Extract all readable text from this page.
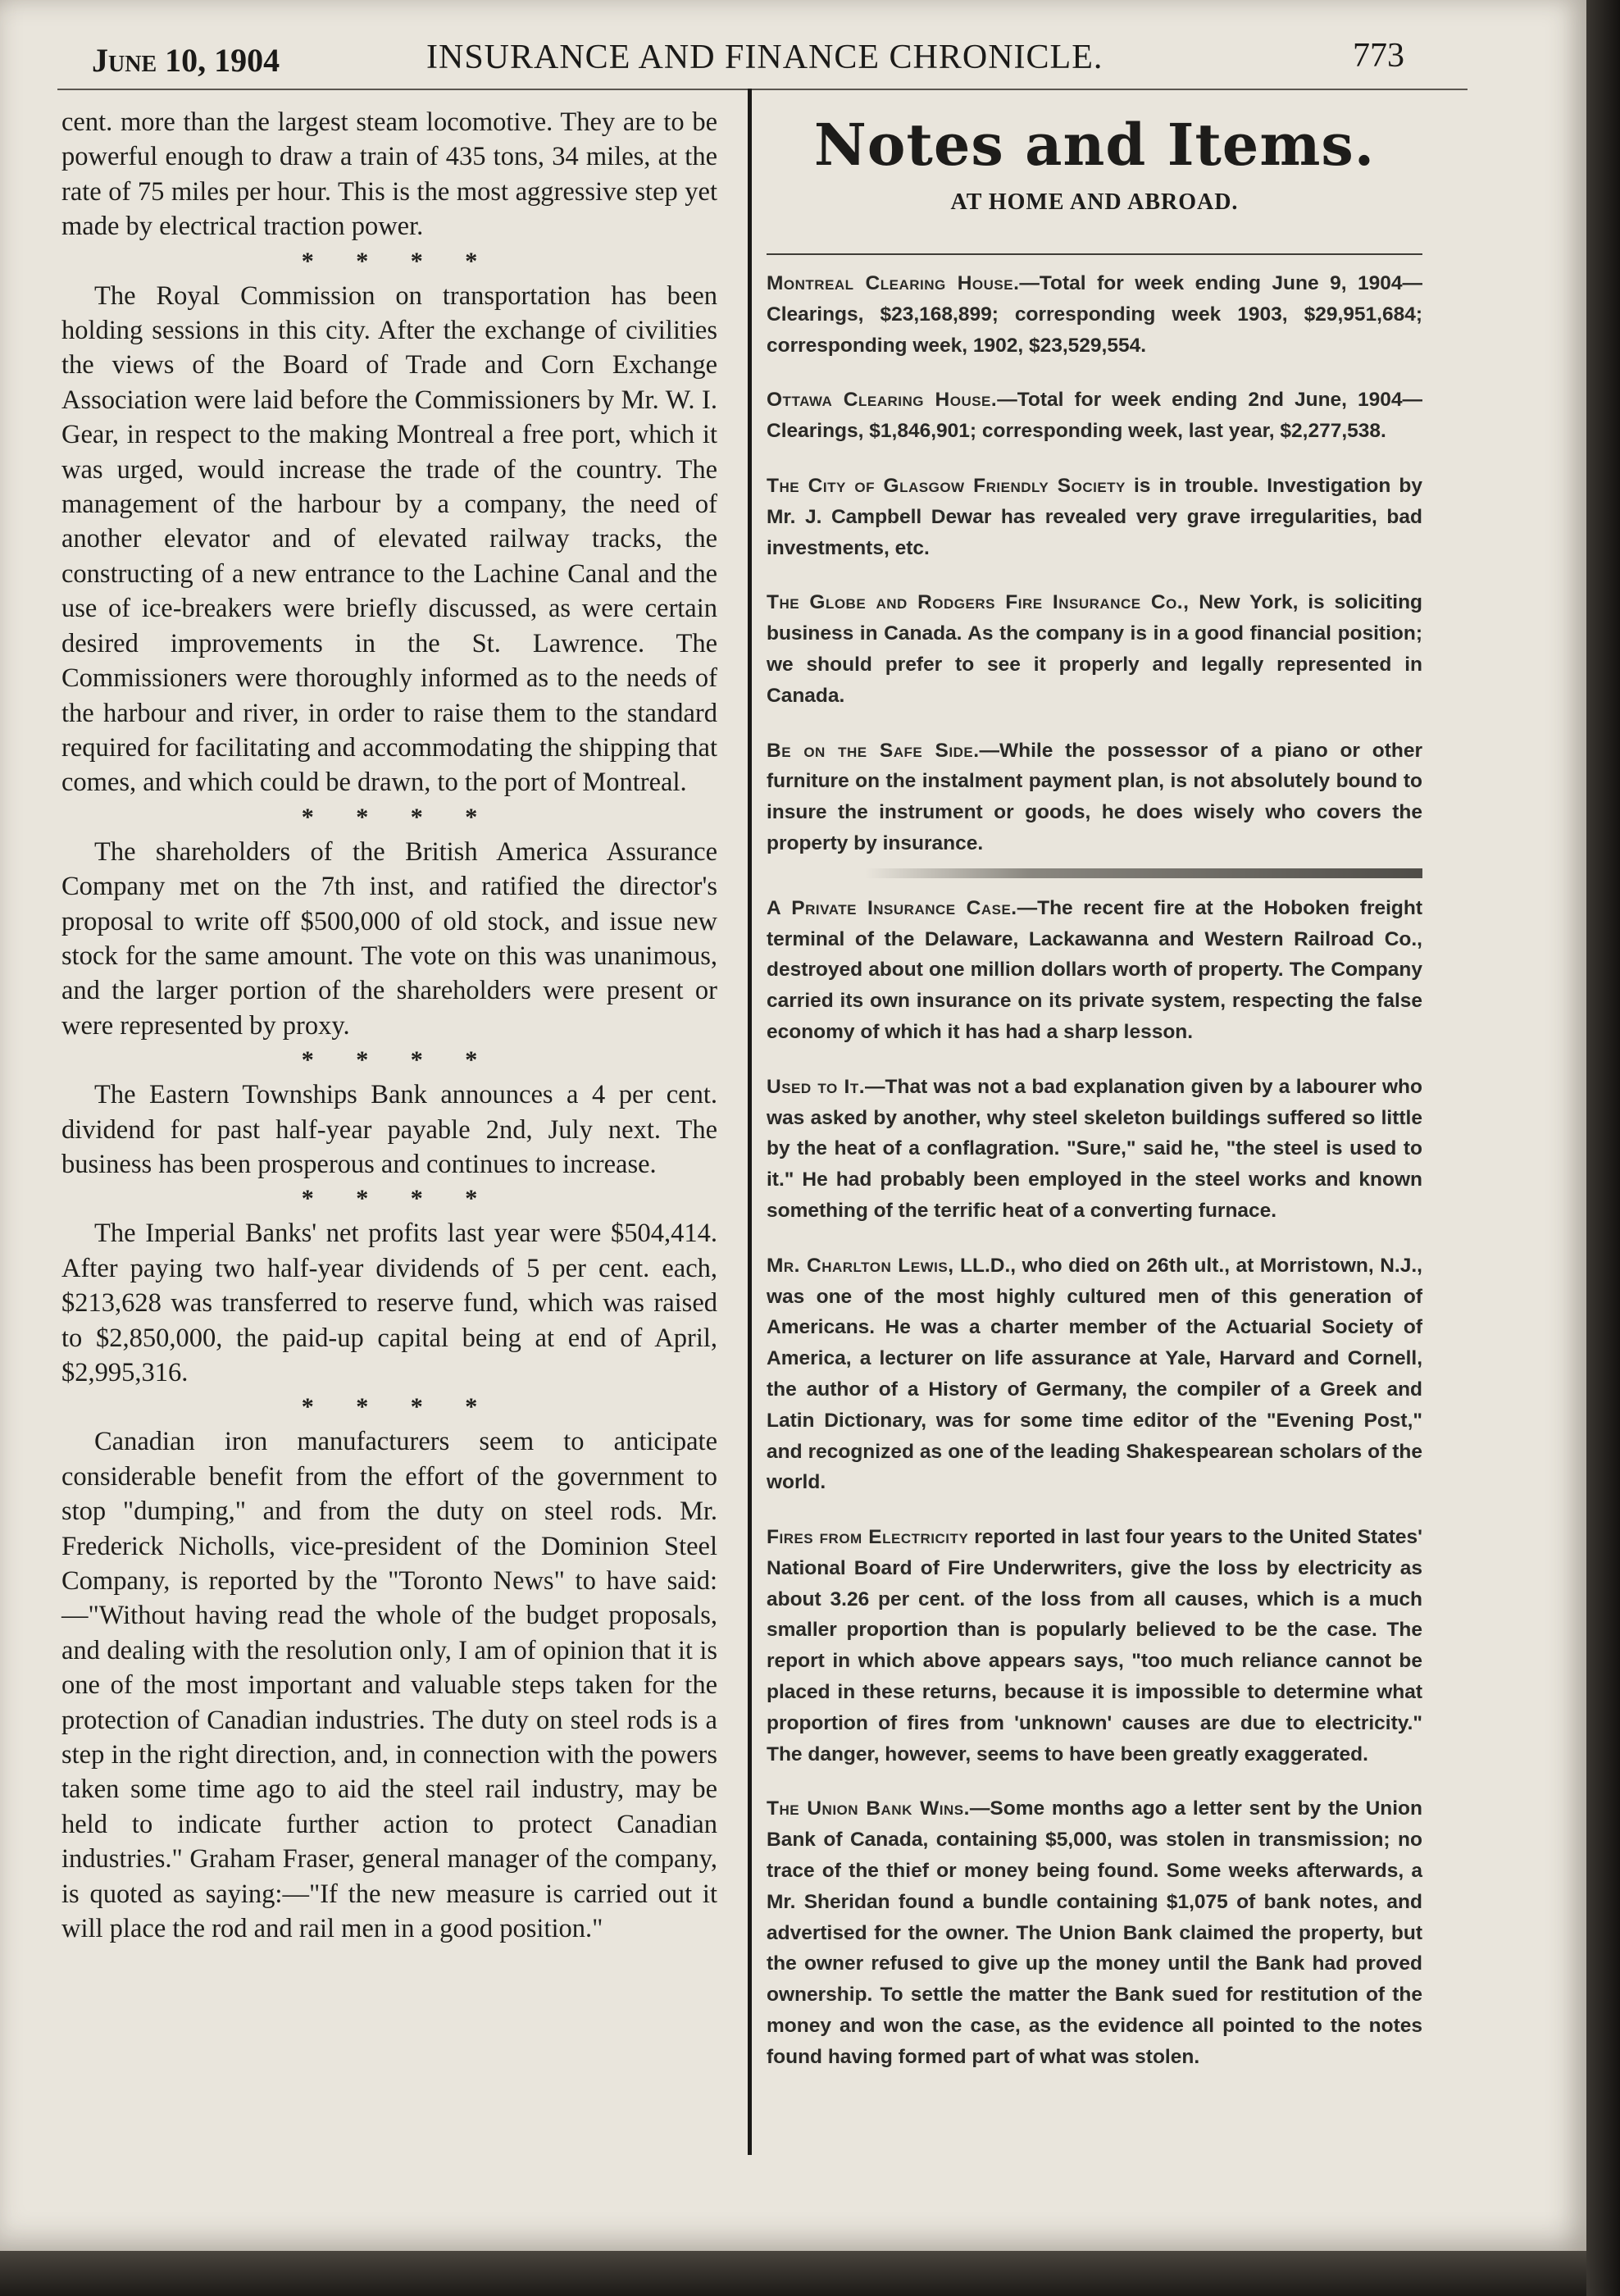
June 10, 1904	INSURANCE AND FINANCE CHRONICLE.	773

cent. more than the largest steam locomotive. They are to be powerful enough to draw a train of 435 tons, 34 miles, at the rate of 75 miles per hour. This is the most aggressive step yet made by electrical traction power.

* * * *

The Royal Commission on transportation has been holding sessions in this city. After the exchange of civilities the views of the Board of Trade and Corn Exchange Association were laid before the Commissioners by Mr. W. I. Gear, in respect to the making Montreal a free port, which it was urged, would increase the trade of the country. The management of the harbour by a company, the need of another elevator and of elevated railway tracks, the constructing of a new entrance to the Lachine Canal and the use of ice-breakers were briefly discussed, as were certain desired improvements in the St. Lawrence. The Commissioners were thoroughly informed as to the needs of the harbour and river, in order to raise them to the standard required for facilitating and accommodating the shipping that comes, and which could be drawn, to the port of Montreal.

* * * *

The shareholders of the British America Assurance Company met on the 7th inst, and ratified the director's proposal to write off $500,000 of old stock, and issue new stock for the same amount. The vote on this was unanimous, and the larger portion of the shareholders were present or were represented by proxy.

* * * *

The Eastern Townships Bank announces a 4 per cent. dividend for past half-year payable 2nd, July next. The business has been prosperous and continues to increase.

* * * *

The Imperial Banks' net profits last year were $504,414. After paying two half-year dividends of 5 per cent. each, $213,628 was transferred to reserve fund, which was raised to $2,850,000, the paid-up capital being at end of April, $2,995,316.

* * * *

Canadian iron manufacturers seem to anticipate considerable benefit from the effort of the government to stop "dumping," and from the duty on steel rods. Mr. Frederick Nicholls, vice-president of the Dominion Steel Company, is reported by the "Toronto News" to have said:—"Without having read the whole of the budget proposals, and dealing with the resolution only, I am of opinion that it is one of the most important and valuable steps taken for the protection of Canadian industries. The duty on steel rods is a step in the right direction, and, in connection with the powers taken some time ago to aid the steel rail industry, may be held to indicate further action to protect Canadian industries." Graham Fraser, general manager of the company, is quoted as saying:—"If the new measure is carried out it will place the rod and rail men in a good position."

Notes and Items.
AT HOME AND ABROAD.

Montreal Clearing House.—Total for week ending June 9, 1904—Clearings, $23,168,899; corresponding week 1903, $29,951,684; corresponding week, 1902, $23,529,554.

Ottawa Clearing House.—Total for week ending 2nd June, 1904—Clearings, $1,846,901; corresponding week, last year, $2,277,538.

The City of Glasgow Friendly Society is in trouble. Investigation by Mr. J. Campbell Dewar has revealed very grave irregularities, bad investments, etc.

The Globe and Rodgers Fire Insurance Co., New York, is soliciting business in Canada. As the company is in a good financial position; we should prefer to see it properly and legally represented in Canada.

Be on the Safe Side.—While the possessor of a piano or other furniture on the instalment payment plan, is not absolutely bound to insure the instrument or goods, he does wisely who covers the property by insurance.

A Private Insurance Case.—The recent fire at the Hoboken freight terminal of the Delaware, Lackawanna and Western Railroad Co., destroyed about one million dollars worth of property. The Company carried its own insurance on its private system, respecting the false economy of which it has had a sharp lesson.

Used to It.—That was not a bad explanation given by a labourer who was asked by another, why steel skeleton buildings suffered so little by the heat of a conflagration. "Sure," said he, "the steel is used to it." He had probably been employed in the steel works and known something of the terrific heat of a converting furnace.

Mr. Charlton Lewis, LL.D., who died on 26th ult., at Morristown, N.J., was one of the most highly cultured men of this generation of Americans. He was a charter member of the Actuarial Society of America, a lecturer on life assurance at Yale, Harvard and Cornell, the author of a History of Germany, the compiler of a Greek and Latin Dictionary, was for some time editor of the "Evening Post," and recognized as one of the leading Shakespearean scholars of the world.

Fires from Electricity reported in last four years to the United States' National Board of Fire Underwriters, give the loss by electricity as about 3.26 per cent. of the loss from all causes, which is a much smaller proportion than is popularly believed to be the case. The report in which above appears says, "too much reliance cannot be placed in these returns, because it is impossible to determine what proportion of fires from 'unknown' causes are due to electricity." The danger, however, seems to have been greatly exaggerated.

The Union Bank Wins.—Some months ago a letter sent by the Union Bank of Canada, containing $5,000, was stolen in transmission; no trace of the thief or money being found. Some weeks afterwards, a Mr. Sheridan found a bundle containing $1,075 of bank notes, and advertised for the owner. The Union Bank claimed the property, but the owner refused to give up the money until the Bank had proved ownership. To settle the matter the Bank sued for restitution of the money and won the case, as the evidence all pointed to the notes found having formed part of what was stolen.
